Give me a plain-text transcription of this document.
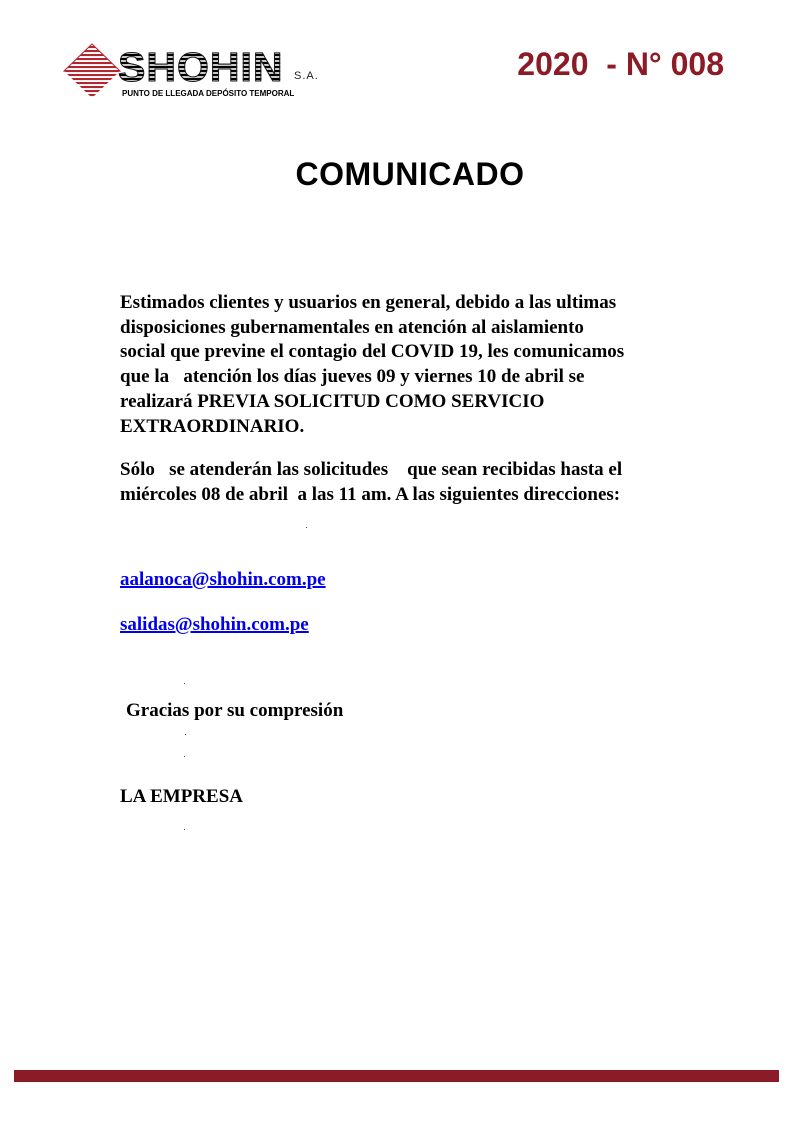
SHOHIN S.A.
PUNTO DE LLEGADA DEPÓSITO TEMPORAL
2020  - N° 008
COMUNICADO

Estimados clientes y usuarios en general, debido a las ultimas
disposiciones gubernamentales en atención al aislamiento
social que previne el contagio del COVID 19, les comunicamos
que la   atención los días jueves 09 y viernes 10 de abril se
realizará PREVIA SOLICITUD COMO SERVICIO
EXTRAORDINARIO.

Sólo   se atenderán las solicitudes    que sean recibidas hasta el
miércoles 08 de abril  a las 11 am. A las siguientes direcciones:

aalanoca@shohin.com.pe
salidas@shohin.com.pe
Gracias por su compresión
LA EMPRESA
